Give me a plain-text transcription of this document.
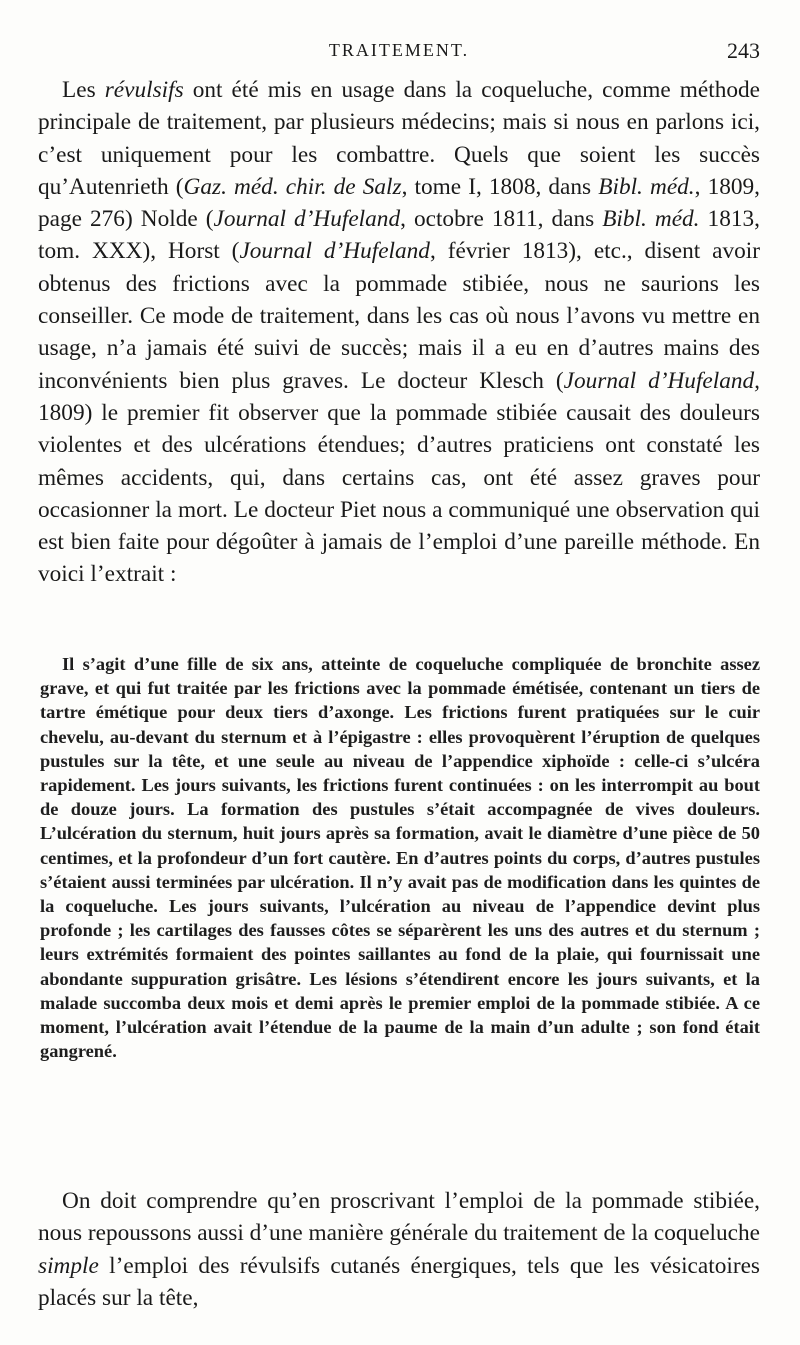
TRAITEMENT.	243

Les révulsifs ont été mis en usage dans la coqueluche, comme méthode principale de traitement, par plusieurs médecins; mais si nous en parlons ici, c’est uniquement pour les combattre. Quels que soient les succès qu’Autenrieth (Gaz. méd. chir. de Salz, tome I, 1808, dans Bibl. méd., 1809, page 276) Nolde (Journal d’Hufeland, octobre 1811, dans Bibl. méd. 1813, tom. XXX), Horst (Journal d’Hufeland, février 1813), etc., disent avoir obtenus des frictions avec la pommade stibiée, nous ne saurions les conseiller. Ce mode de traitement, dans les cas où nous l’avons vu mettre en usage, n’a jamais été suivi de succès; mais il a eu en d’autres mains des inconvénients bien plus graves. Le docteur Klesch (Journal d’Hufeland, 1809) le premier fit observer que la pommade stibiée causait des douleurs violentes et des ulcérations étendues; d’autres praticiens ont constaté les mêmes accidents, qui, dans certains cas, ont été assez graves pour occasionner la mort. Le docteur Piet nous a communiqué une observation qui est bien faite pour dégoûter à jamais de l’emploi d’une pareille méthode. En voici l’extrait :

Il s’agit d’une fille de six ans, atteinte de coqueluche compliquée de bronchite assez grave, et qui fut traitée par les frictions avec la pommade émétisée, contenant un tiers de tartre émétique pour deux tiers d’axonge. Les frictions furent pratiquées sur le cuir chevelu, au-devant du sternum et à l’épigastre : elles provoquèrent l’éruption de quelques pustules sur la tête, et une seule au niveau de l’appendice xiphoïde : celle-ci s’ulcéra rapidement. Les jours suivants, les frictions furent continuées : on les interrompit au bout de douze jours. La formation des pustules s’était accompagnée de vives douleurs. L’ulcération du sternum, huit jours après sa formation, avait le diamètre d’une pièce de 50 centimes, et la profondeur d’un fort cautère. En d’autres points du corps, d’autres pustules s’étaient aussi terminées par ulcération. Il n’y avait pas de modification dans les quintes de la coqueluche. Les jours suivants, l’ulcération au niveau de l’appendice devint plus profonde ; les cartilages des fausses côtes se séparèrent les uns des autres et du sternum ; leurs extrémités formaient des pointes saillantes au fond de la plaie, qui fournissait une abondante suppuration grisâtre. Les lésions s’étendirent encore les jours suivants, et la malade succomba deux mois et demi après le premier emploi de la pommade stibiée. A ce moment, l’ulcération avait l’étendue de la paume de la main d’un adulte ; son fond était gangrené.

On doit comprendre qu’en proscrivant l’emploi de la pommade stibiée, nous repoussons aussi d’une manière générale du traitement de la coqueluche simple l’emploi des révulsifs cutanés énergiques, tels que les vésicatoires placés sur la tête,
